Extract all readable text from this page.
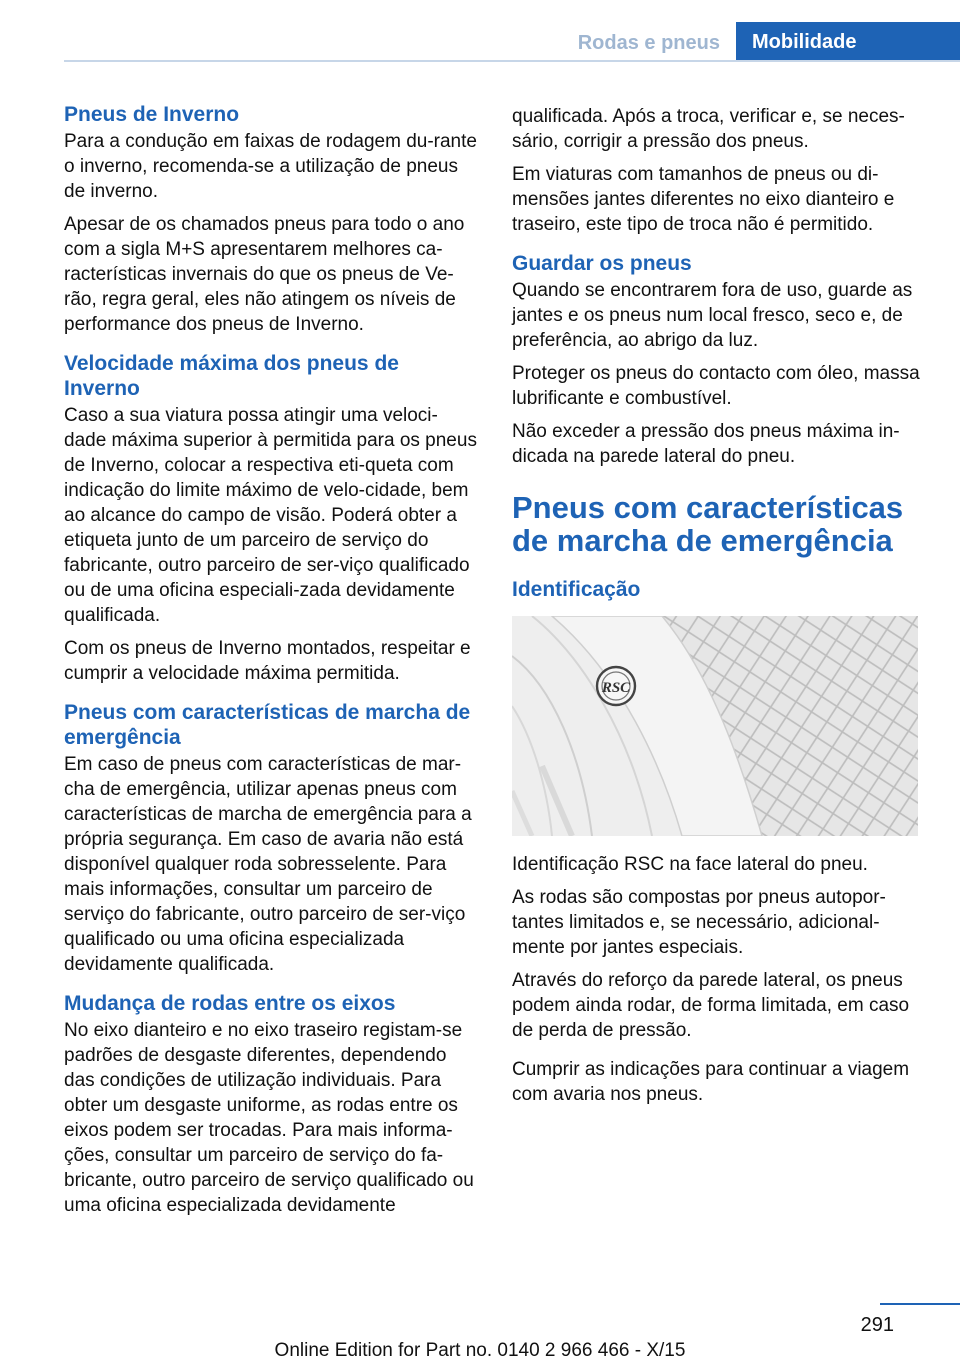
Rodas e pneus	Mobilidade
Pneus de Inverno

Para a condução em faixas de rodagem du‐rante o inverno, recomenda-se a utilização de pneus de inverno.

Apesar de os chamados pneus para todo o ano com a sigla M+S apresentarem melhores ca‐racterísticas invernais do que os pneus de Ve‐rão, regra geral, eles não atingem os níveis de performance dos pneus de Inverno.

Velocidade máxima dos pneus de Inverno

Caso a sua viatura possa atingir uma veloci‐dade máxima superior à permitida para os pneus de Inverno, colocar a respectiva eti‐queta com indicação do limite máximo de velo‐cidade, bem ao alcance do campo de visão. Poderá obter a etiqueta junto de um parceiro de serviço do fabricante, outro parceiro de ser‐viço qualificado ou de uma oficina especiali‐zada devidamente qualificada.

Com os pneus de Inverno montados, respeitar e cumprir a velocidade máxima permitida.

Pneus com características de marcha de emergência

Em caso de pneus com características de mar‐cha de emergência, utilizar apenas pneus com características de marcha de emergência para a própria segurança. Em caso de avaria não está disponível qualquer roda sobresselente. Para mais informações, consultar um parceiro de serviço do fabricante, outro parceiro de ser‐viço qualificado ou uma oficina especializada devidamente qualificada.

Mudança de rodas entre os eixos

No eixo dianteiro e no eixo traseiro registam-se padrões de desgaste diferentes, dependendo das condições de utilização individuais. Para obter um desgaste uniforme, as rodas entre os eixos podem ser trocadas. Para mais informa‐ções, consultar um parceiro de serviço do fa‐bricante, outro parceiro de serviço qualificado ou uma oficina especializada devidamente

qualificada. Após a troca, verificar e, se neces‐sário, corrigir a pressão dos pneus.

Em viaturas com tamanhos de pneus ou di‐mensões jantes diferentes no eixo dianteiro e traseiro, este tipo de troca não é permitido.

Guardar os pneus

Quando se encontrarem fora de uso, guarde as jantes e os pneus num local fresco, seco e, de preferência, ao abrigo da luz.

Proteger os pneus do contacto com óleo, massa lubrificante e combustível.

Não exceder a pressão dos pneus máxima in‐dicada na parede lateral do pneu.

Pneus com características de marcha de emergência
Identificação
RSC

Identificação RSC na face lateral do pneu.

As rodas são compostas por pneus autopor‐tantes limitados e, se necessário, adicional‐mente por jantes especiais.

Através do reforço da parede lateral, os pneus podem ainda rodar, de forma limitada, em caso de perda de pressão.

Cumprir as indicações para continuar a viagem com avaria nos pneus.

291
Online Edition for Part no. 0140 2 966 466 - X/15
